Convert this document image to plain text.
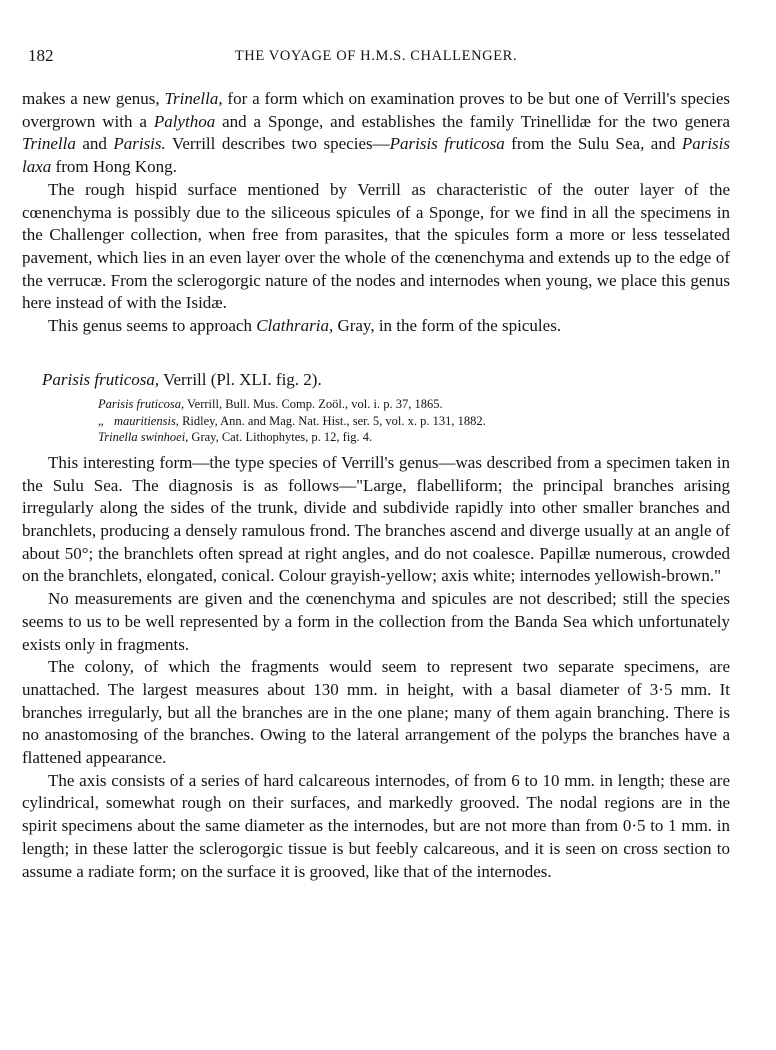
182	THE VOYAGE OF H.M.S. CHALLENGER.

makes a new genus, Trinella, for a form which on examination proves to be but one of Verrill's species overgrown with a Palythoa and a Sponge, and establishes the family Trinellidæ for the two genera Trinella and Parisis. Verrill describes two species—Parisis fruticosa from the Sulu Sea, and Parisis laxa from Hong Kong.

The rough hispid surface mentioned by Verrill as characteristic of the outer layer of the cœnenchyma is possibly due to the siliceous spicules of a Sponge, for we find in all the specimens in the Challenger collection, when free from parasites, that the spicules form a more or less tesselated pavement, which lies in an even layer over the whole of the cœnenchyma and extends up to the edge of the verrucæ. From the sclerogorgic nature of the nodes and internodes when young, we place this genus here instead of with the Isidæ.

This genus seems to approach Clathraria, Gray, in the form of the spicules.

Parisis fruticosa, Verrill (Pl. XLI. fig. 2).
Parisis fruticosa, Verrill, Bull. Mus. Comp. Zoöl., vol. i. p. 37, 1865.
„ mauritiensis, Ridley, Ann. and Mag. Nat. Hist., ser. 5, vol. x. p. 131, 1882.
Trinella swinhoei, Gray, Cat. Lithophytes, p. 12, fig. 4.

This interesting form—the type species of Verrill's genus—was described from a specimen taken in the Sulu Sea. The diagnosis is as follows—"Large, flabelliform; the principal branches arising irregularly along the sides of the trunk, divide and subdivide rapidly into other smaller branches and branchlets, producing a densely ramulous frond. The branches ascend and diverge usually at an angle of about 50°; the branchlets often spread at right angles, and do not coalesce. Papillæ numerous, crowded on the branchlets, elongated, conical. Colour grayish-yellow; axis white; internodes yellowish-brown."

No measurements are given and the cœnenchyma and spicules are not described; still the species seems to us to be well represented by a form in the collection from the Banda Sea which unfortunately exists only in fragments.

The colony, of which the fragments would seem to represent two separate specimens, are unattached. The largest measures about 130 mm. in height, with a basal diameter of 3·5 mm. It branches irregularly, but all the branches are in the one plane; many of them again branching. There is no anastomosing of the branches. Owing to the lateral arrangement of the polyps the branches have a flattened appearance.

The axis consists of a series of hard calcareous internodes, of from 6 to 10 mm. in length; these are cylindrical, somewhat rough on their surfaces, and markedly grooved. The nodal regions are in the spirit specimens about the same diameter as the internodes, but are not more than from 0·5 to 1 mm. in length; in these latter the sclerogorgic tissue is but feebly calcareous, and it is seen on cross section to assume a radiate form; on the surface it is grooved, like that of the internodes.
